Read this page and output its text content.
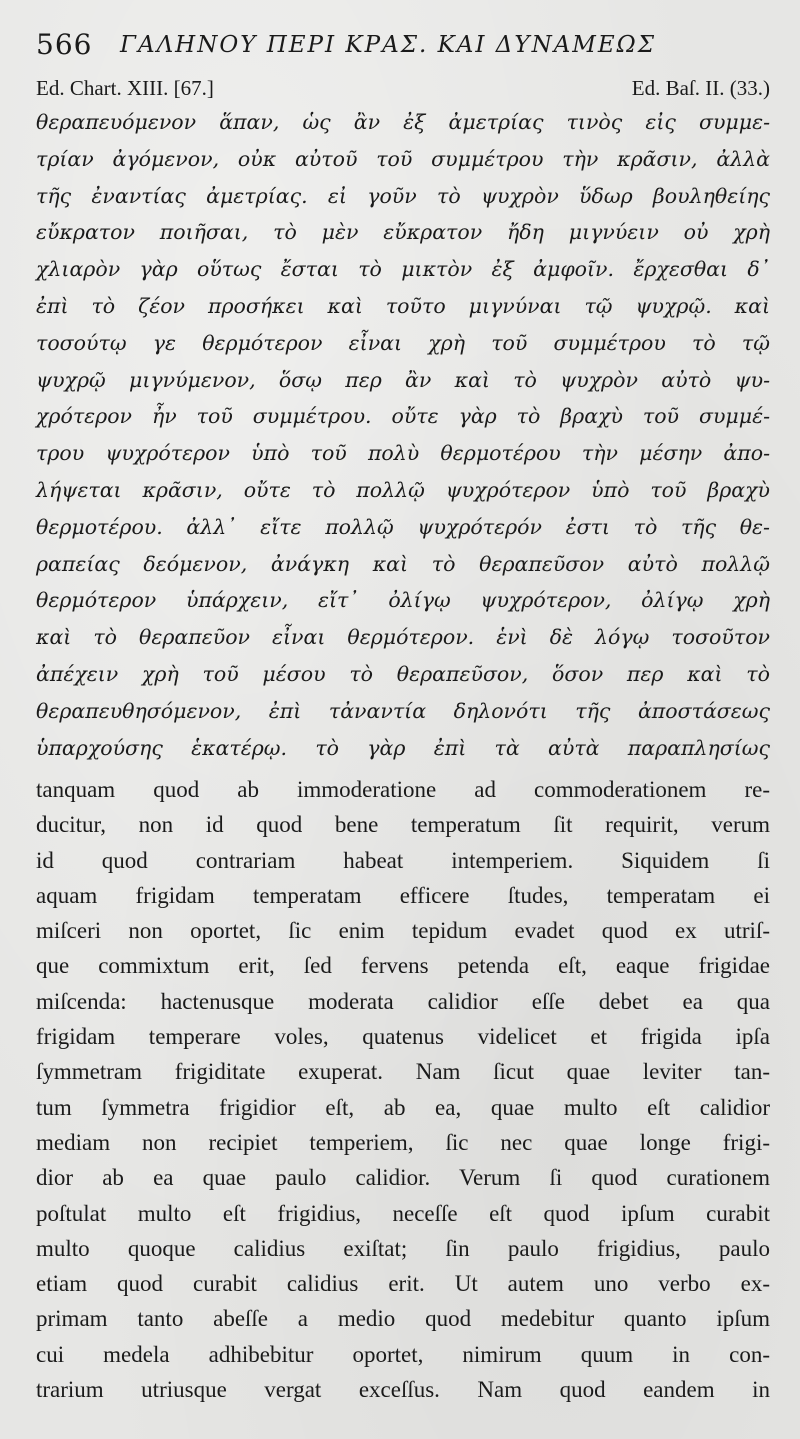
566 ΓΑΛΗΝΟΥ ΠΕΡΙ ΚΡΑΣ. ΚΑΙ ΔΥΝΑΜΕΩΣ
Ed. Chart. XIII. [67.]	Ed. Baſ. II. (33.)
θεραπευόμενον ἅπαν, ὡς ἂν ἐξ ἀμετρίας τινὸς εἰς συμμε-
τρίαν ἀγόμενον, οὐκ αὐτοῦ τοῦ συμμέτρου τὴν κρᾶσιν, ἀλλὰ
τῆς ἐναντίας ἀμετρίας. εἰ γοῦν τὸ ψυχρὸν ὕδωρ βουληθείης
εὔκρατον ποιῆσαι, τὸ μὲν εὔκρατον ἤδη μιγνύειν οὐ χρὴ
χλιαρὸν γὰρ οὕτως ἔσται τὸ μικτὸν ἐξ ἀμφοῖν. ἔρχεσθαι δ᾽
ἐπὶ τὸ ζέον προσήκει καὶ τοῦτο μιγνύναι τῷ ψυχρῷ. καὶ
τοσούτῳ γε θερμότερον εἶναι χρὴ τοῦ συμμέτρου τὸ τῷ
ψυχρῷ μιγνύμενον, ὅσῳ περ ἂν καὶ τὸ ψυχρὸν αὐτὸ ψυ-
χρότερον ἦν τοῦ συμμέτρου. οὔτε γὰρ τὸ βραχὺ τοῦ συμμέ-
τρου ψυχρότερον ὑπὸ τοῦ πολὺ θερμοτέρου τὴν μέσην ἀπο-
λήψεται κρᾶσιν, οὔτε τὸ πολλῷ ψυχρότερον ὑπὸ τοῦ βραχὺ
θερμοτέρου. ἀλλ᾽ εἴτε πολλῷ ψυχρότερόν ἐστι τὸ τῆς θε-
ραπείας δεόμενον, ἀνάγκη καὶ τὸ θεραπεῦσον αὐτὸ πολλῷ
θερμότερον ὑπάρχειν, εἴτ᾽ ὀλίγῳ ψυχρότερον, ὀλίγῳ χρὴ
καὶ τὸ θεραπεῦον εἶναι θερμότερον. ἑνὶ δὲ λόγῳ τοσοῦτον
ἀπέχειν χρὴ τοῦ μέσου τὸ θεραπεῦσον, ὅσον περ καὶ τὸ
θεραπευθησόμενον, ἐπὶ τἀναντία δηλονότι τῆς ἀποστάσεως
ὑπαρχούσης ἑκατέρῳ. τὸ γὰρ ἐπὶ τὰ αὐτὰ παραπλησίως
tanquam quod ab immoderatione ad commoderationem re-
ducitur, non id quod bene temperatum ſit requirit, verum
id quod contrariam habeat intemperiem. Siquidem ſi
aquam frigidam temperatam efficere ſtudes, temperatam ei
miſceri non oportet, ſic enim tepidum evadet quod ex utriſ-
que commixtum erit, ſed fervens petenda eſt, eaque frigidae
miſcenda: hactenusque moderata calidior eſſe debet ea qua
frigidam temperare voles, quatenus videlicet et frigida ipſa
ſymmetram frigiditate exuperat. Nam ſicut quae leviter tan-
tum ſymmetra frigidior eſt, ab ea, quae multo eſt calidior
mediam non recipiet temperiem, ſic nec quae longe frigi-
dior ab ea quae paulo calidior. Verum ſi quod curationem
poſtulat multo eſt frigidius, neceſſe eſt quod ipſum curabit
multo quoque calidius exiſtat; ſin paulo frigidius, paulo
etiam quod curabit calidius erit. Ut autem uno verbo ex-
primam tanto abeſſe a medio quod medebitur quanto ipſum
cui medela adhibebitur oportet, nimirum quum in con-
trarium utriusque vergat exceſſus. Nam quod eandem in
